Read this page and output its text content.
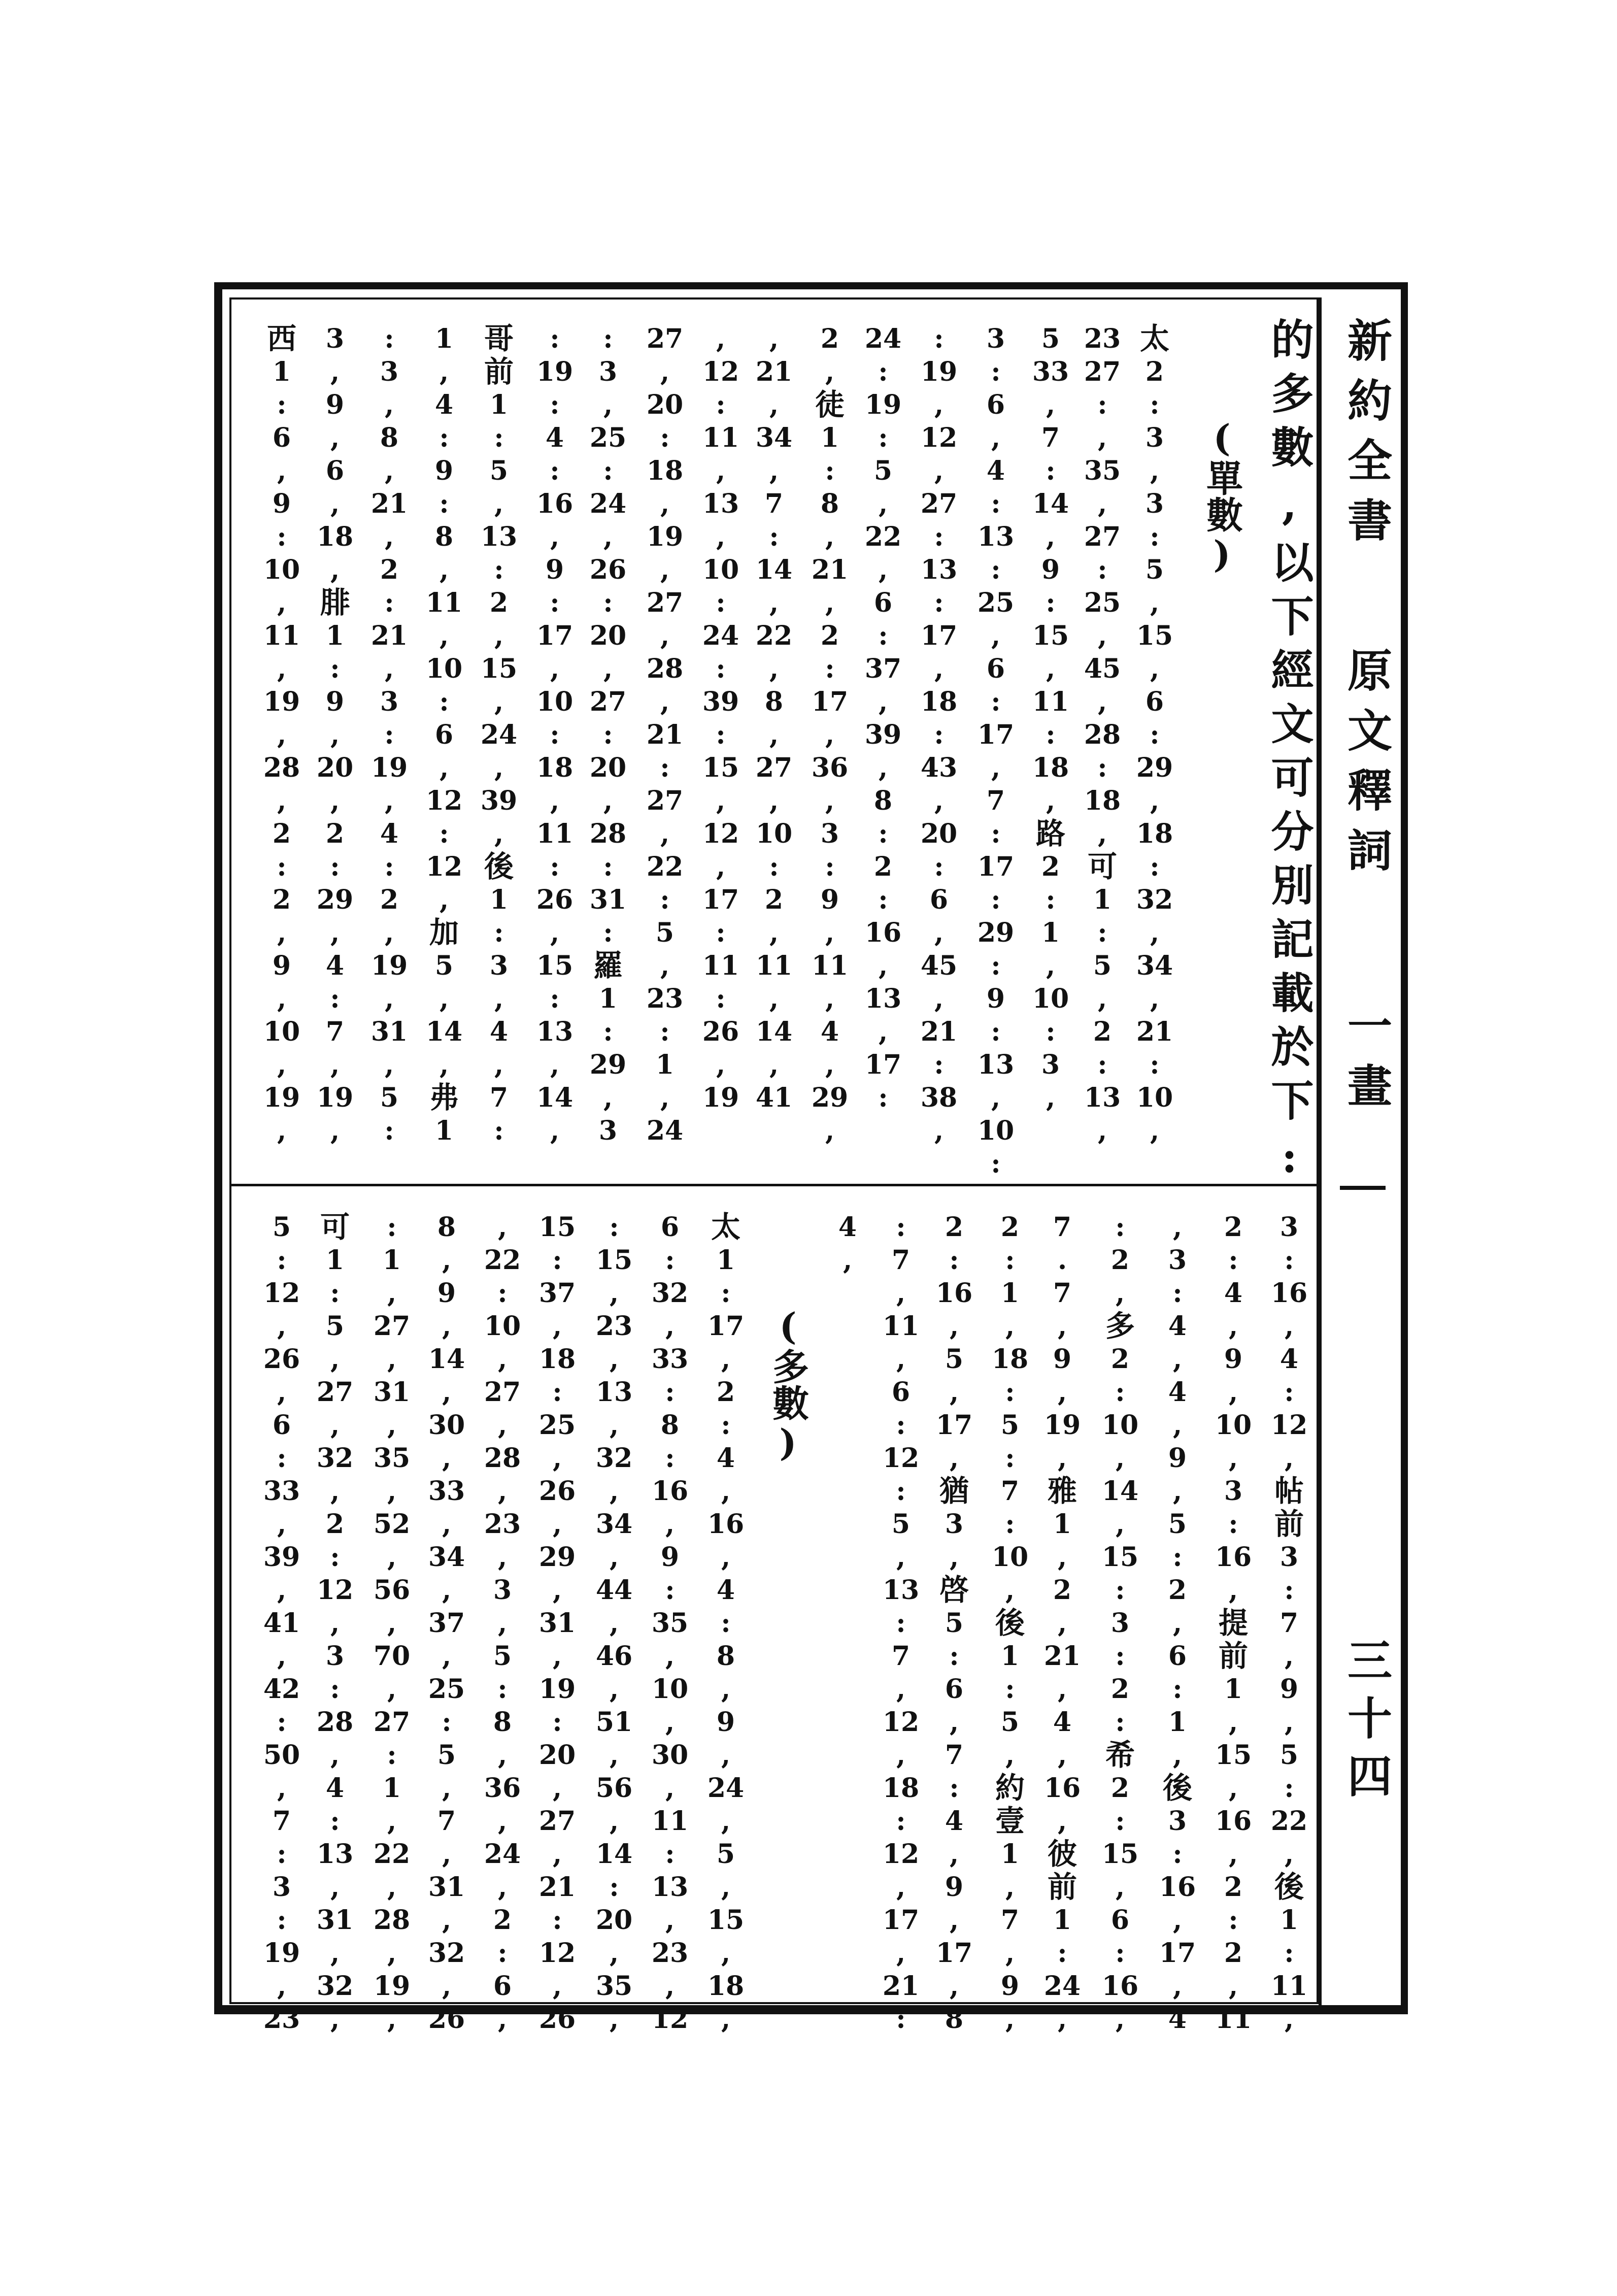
新約全書
原文釋詞
一畫
三十四
的多數,以下經文可分別記載於下:
(單數)
太
2
:
3
,
3
:
5
,
15
,
6
:
29
,
18
:
32
,
34
,
21
:
10
,
23
27
:
,
35
,
27
:
25
,
45
,
28
:
18
,
可
1
:
5
,
2
:
13
,
5
33
,
7
:
14
,
9
:
15
,
11
:
18
,
路
2
:
1
,
10
:
3
,
3
:
6
,
4
:
13
:
25
,
6
:
17
,
7
:
17
:
29
:
9
:
13
,
10
:
:
19
,
12
,
27
:
13
:
17
,
18
:
43
,
20
:
6
,
45
,
21
:
38
,
24
:
19
:
5
,
22
,
6
:
37
,
39
,
8
:
2
:
16
,
13
,
17
:
2
,
徒
1
:
8
,
21
,
2
:
17
,
36
,
3
:
9
,
11
,
4
,
29
,
,
21
,
34
,
7
:
14
,
22
,
8
,
27
,
10
:
2
,
11
,
14
,
41
,
12
:
11
,
13
,
10
:
24
:
39
:
15
,
12
,
17
:
11
:
26
,
19
27
,
20
:
18
,
19
,
27
,
28
,
21
:
27
,
22
:
5
,
23
:
1
,
24
:
3
,
25
:
24
,
26
:
20
,
27
:
20
,
28
:
31
:
羅
1
:
29
,
3
:
19
:
4
:
16
,
9
:
17
,
10
:
18
,
11
:
26
,
15
:
13
,
14
,
哥
前
1
:
5
,
13
:
2
,
15
,
24
,
39
,
後
1
:
3
,
4
,
7
:
1
,
4
:
9
:
8
,
11
,
10
:
6
,
12
:
12
,
加
5
,
14
,
弗
1
:
3
,
8
,
21
,
2
:
21
,
3
:
19
,
4
:
2
,
19
,
31
,
5
:
3
,
9
,
6
,
18
,
腓
1
:
9
,
20
,
2
:
29
,
4
:
7
,
19
,
西
1
:
6
,
9
:
10
,
11
,
19
,
28
,
2
:
2
,
9
,
10
,
19
,
(多數)
3
:
16
,
4
:
12
,
帖
前
3
:
7
,
9
,
5
:
22
,
後
1
:
11
,
2
:
4
,
9
,
10
,
3
:
16
,
提
前
1
,
15
,
16
,
2
:
2
,
11
,
3
:
4
,
4
,
9
,
5
:
2
,
6
:
1
,
後
3
:
16
,
17
,
4
:
2
,
多
2
:
10
,
14
,
15
:
3
:
2
:
希
2
:
15
,
6
:
16
,
7
.
7
,
9
,
19
,
雅
1
,
2
,
21
,
4
,
16
,
彼
前
1
:
24
,
2
:
1
,
18
:
5
:
7
:
10
,
後
1
:
5
,
約
壹
1
,
7
,
9
,
2
:
16
,
5
,
17
,
猶
3
,
啓
5
:
6
,
7
:
4
,
9
,
17
,
8
:
7
,
11
,
6
:
12
:
5
,
13
:
7
,
12
,
18
:
12
,
17
,
21
:
4
,
太
1
:
17
,
2
:
4
,
16
,
4
:
8
,
9
,
24
,
5
,
15
,
18
,
6
:
32
,
33
:
8
:
16
,
9
:
35
,
10
,
30
,
11
:
13
,
23
,
12
:
15
,
23
,
13
,
32
,
34
,
44
,
46
,
51
,
56
,
14
:
20
,
35
,
15
:
37
,
18
:
25
,
26
,
29
,
31
,
19
:
20
,
27
,
21
:
12
,
26
,
22
:
10
,
27
,
28
,
23
,
3
,
5
:
8
,
36
,
24
,
2
:
6
,
8
,
9
,
14
,
30
,
33
,
34
,
37
,
25
:
5
,
7
,
31
,
32
,
26
:
1
,
27
,
31
,
35
,
52
,
56
,
70
,
27
:
1
,
22
,
28
,
19
,
可
1
:
5
,
27
,
32
,
2
:
12
,
3
:
28
,
4
:
13
,
31
,
32
,
5
:
12
,
26
,
6
:
33
,
39
,
41
,
42
:
50
,
7
:
3
:
19
,
23
